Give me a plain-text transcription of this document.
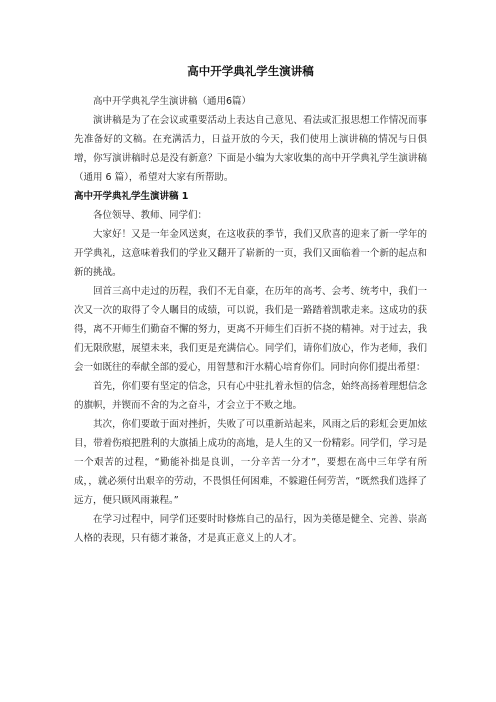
高中开学典礼学生演讲稿

高中开学典礼学生演讲稿（通用6篇）

演讲稿是为了在会议或重要活动上表达自己意见、看法或汇报思想工作情况而事先准备好的文稿。在充满活力，日益开放的今天，我们使用上演讲稿的情况与日俱增，你写演讲稿时总是没有新意？下面是小编为大家收集的高中开学典礼学生演讲稿（通用 6 篇），希望对大家有所帮助。

高中开学典礼学生演讲稿 1

各位领导、教师、同学们：

大家好！又是一年金风送爽，在这收获的季节，我们又欣喜的迎来了新一学年的开学典礼，这意味着我们的学业又翻开了崭新的一页，我们又面临着一个新的起点和新的挑战。

回首三高中走过的历程，我们不无自豪，在历年的高考、会考、统考中，我们一次又一次的取得了令人瞩目的成绩，可以说，我们是一路踏着凯歌走来。这成功的获得，离不开师生们勤奋不懈的努力，更离不开师生们百折不挠的精神。对于过去，我们无限欣慰，展望未来，我们更是充满信心。同学们，请你们放心，作为老师，我们会一如既往的奉献全部的爱心，用智慧和汗水精心培育你们。同时向你们提出希望：

首先，你们要有坚定的信念，只有心中驻扎着永恒的信念，始终高扬着理想信念的旗帜，并锲而不舍的为之奋斗，才会立于不败之地。

其次，你们要敢于面对挫折，失败了可以重新站起来，风雨之后的彩虹会更加炫目，带着伤痕把胜利的大旗插上成功的高地，是人生的又一份精彩。同学们，学习是一个艰苦的过程，“勤能补拙是良训，一分辛苦一分才”，要想在高中三年学有所成，，就必须付出艰辛的劳动，不畏惧任何困难，不躲避任何劳苦，“既然我们选择了远方，便只顾风雨兼程。”

在学习过程中，同学们还要时时修炼自己的品行，因为美德是健全、完善、崇高人格的表现，只有德才兼备，才是真正意义上的人才。
